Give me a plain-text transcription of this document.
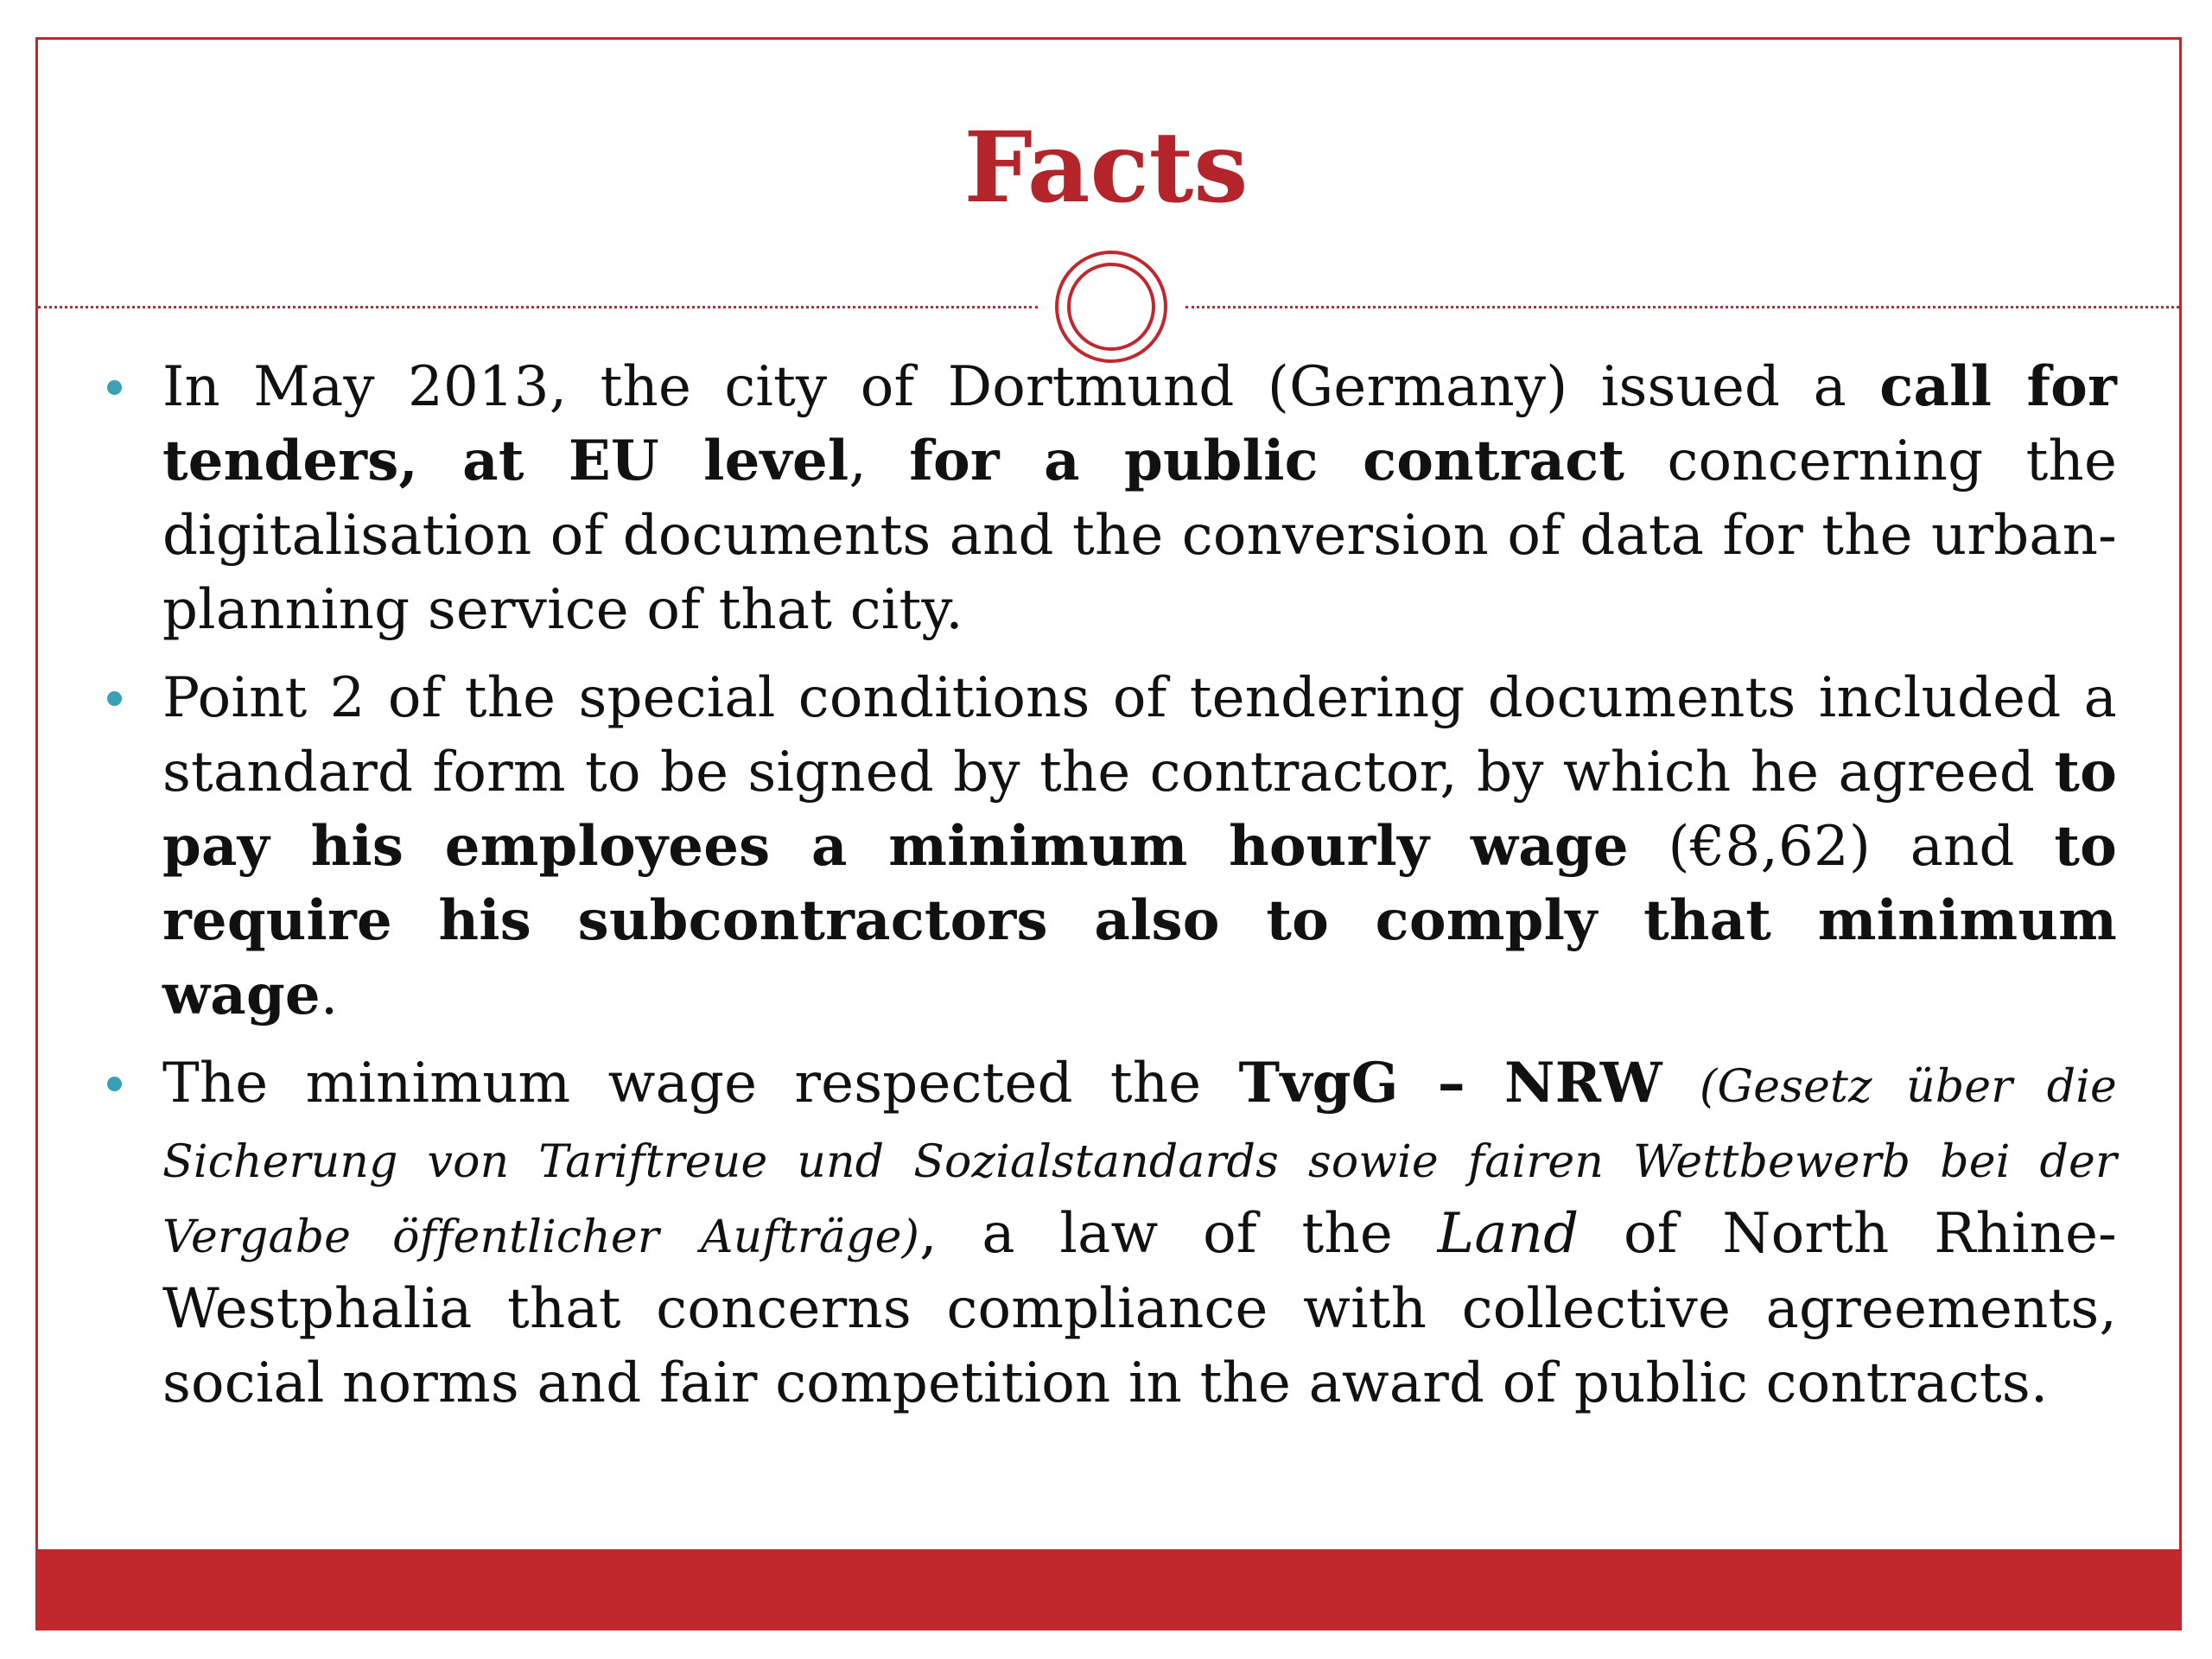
Facts
In May 2013, the city of Dortmund (Germany) issued a call for tenders, at EU level, for a public contract concerning the digitalisation of documents and the conversion of data for the urban-planning service of that city.
Point 2 of the special conditions of tendering documents included a standard form to be signed by the contractor, by which he agreed to pay his employees a minimum hourly wage (€8,62) and to require his subcontractors also to comply that minimum wage.
The minimum wage respected the TvgG – NRW (Gesetz über die Sicherung von Tariftreue und Sozialstandards sowie fairen Wettbewerb bei der Vergabe öffentlicher Aufträge), a law of the Land of North Rhine-Westphalia that concerns compliance with collective agreements, social norms and fair competition in the award of public contracts.
